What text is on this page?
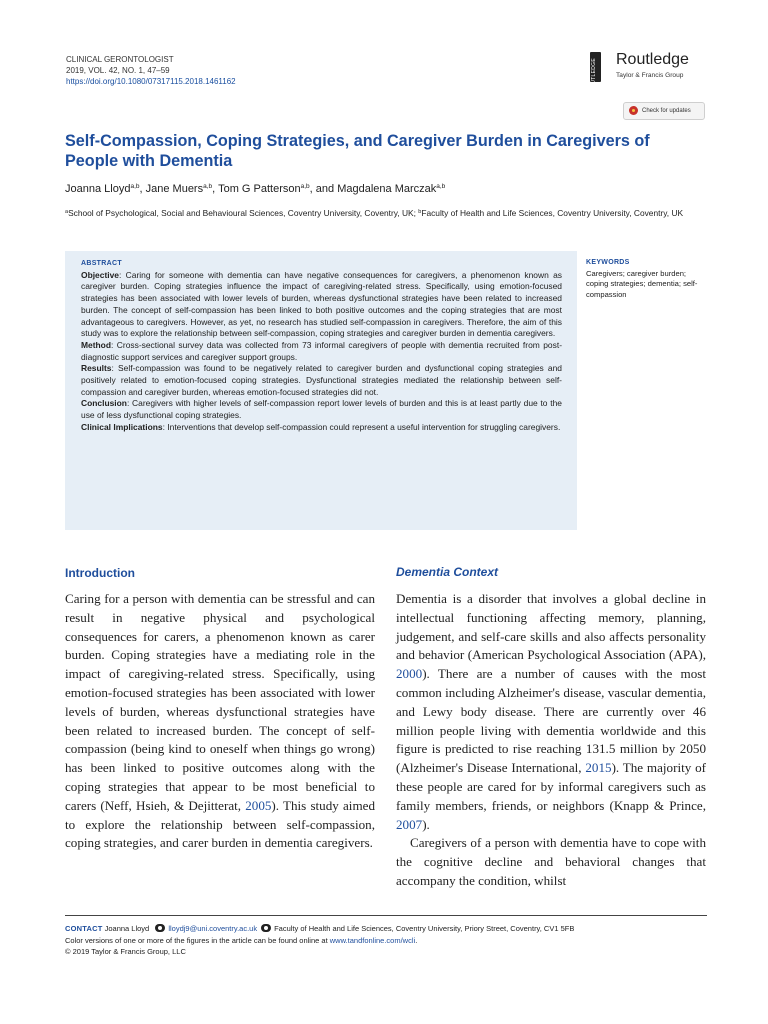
CLINICAL GERONTOLOGIST
2019, VOL. 42, NO. 1, 47–59
https://doi.org/10.1080/07317115.2018.1461162	ROUTLEDGE Routledge
Taylor & Francis Group
Check for updates
Self-Compassion, Coping Strategies, and Caregiver Burden in Caregivers of People with Dementia
Joanna Lloyd$^{a,b}$, Jane Muers$^{a,b}$, Tom G Patterson$^{a,b}$, and Magdalena Marczak$^{a,b}$
$^a$School of Psychological, Social and Behavioural Sciences, Coventry University, Coventry, UK; $^b$Faculty of Health and Life Sciences, Coventry University, Coventry, UK
ABSTRACT

Objective: Caring for someone with dementia can have negative consequences for caregivers, a phenomenon known as caregiver burden. Coping strategies influence the impact of caregiving-related stress. Specifically, using emotion-focused strategies has been associated with lower levels of burden, whereas dysfunctional strategies have been related to increased burden. The concept of self-compassion has been linked to both positive outcomes and the coping strategies that are most advantageous to caregivers. However, as yet, no research has studied self-compassion in caregivers. Therefore, the aim of this study was to explore the relationship between self-compassion, coping strategies and caregiver burden in dementia caregivers.

Method: Cross-sectional survey data was collected from 73 informal caregivers of people with dementia recruited from post-diagnostic support services and caregiver support groups.

Results: Self-compassion was found to be negatively related to caregiver burden and dysfunctional coping strategies and positively related to emotion-focused coping strategies. Dysfunctional strategies mediated the relationship between self-compassion and caregiver burden, whereas emotion-focused strategies did not.

Conclusion: Caregivers with higher levels of self-compassion report lower levels of burden and this is at least partly due to the use of less dysfunctional coping strategies.

Clinical Implications: Interventions that develop self-compassion could represent a useful intervention for struggling caregivers.

KEYWORDS
Caregivers; caregiver burden; coping strategies; dementia; self-compassion
Introduction
Caring for a person with dementia can be stressful and can result in negative physical and psychological consequences for carers, a phenomenon known as carer burden. Coping strategies have a mediating role in the impact of caregiving-related stress. Specifically, using emotion-focused strategies has been associated with lower levels of burden, whereas dysfunctional strategies have been related to increased burden. The concept of self-compassion (being kind to oneself when things go wrong) has been linked to positive outcomes along with the coping strategies that appear to be most beneficial to carers (Neff, Hsieh, & Dejitterat, 2005). This study aimed to explore the relationship between self-compassion, coping strategies, and carer burden in dementia caregivers.
Dementia Context

Dementia is a disorder that involves a global decline in intellectual functioning affecting memory, planning, judgement, and self-care skills and also affects personality and behavior (American Psychological Association (APA), 2000). There are a number of causes with the most common including Alzheimer's disease, vascular dementia, and Lewy body disease. There are currently over 46 million people living with dementia worldwide and this figure is predicted to rise reaching 131.5 million by 2050 (Alzheimer's Disease International, 2015). The majority of these people are cared for by informal caregivers such as family members, friends, or neighbors (Knapp & Prince, 2007).

Caregivers of a person with dementia have to cope with the cognitive decline and behavioral changes that accompany the condition, whilst

CONTACT Joanna Lloyd lloydj9@uni.coventry.ac.uk Faculty of Health and Life Sciences, Coventry University, Priory Street, Coventry, CV1 5FB
Color versions of one or more of the figures in the article can be found online at www.tandfonline.com/wcli.
© 2019 Taylor & Francis Group, LLC
